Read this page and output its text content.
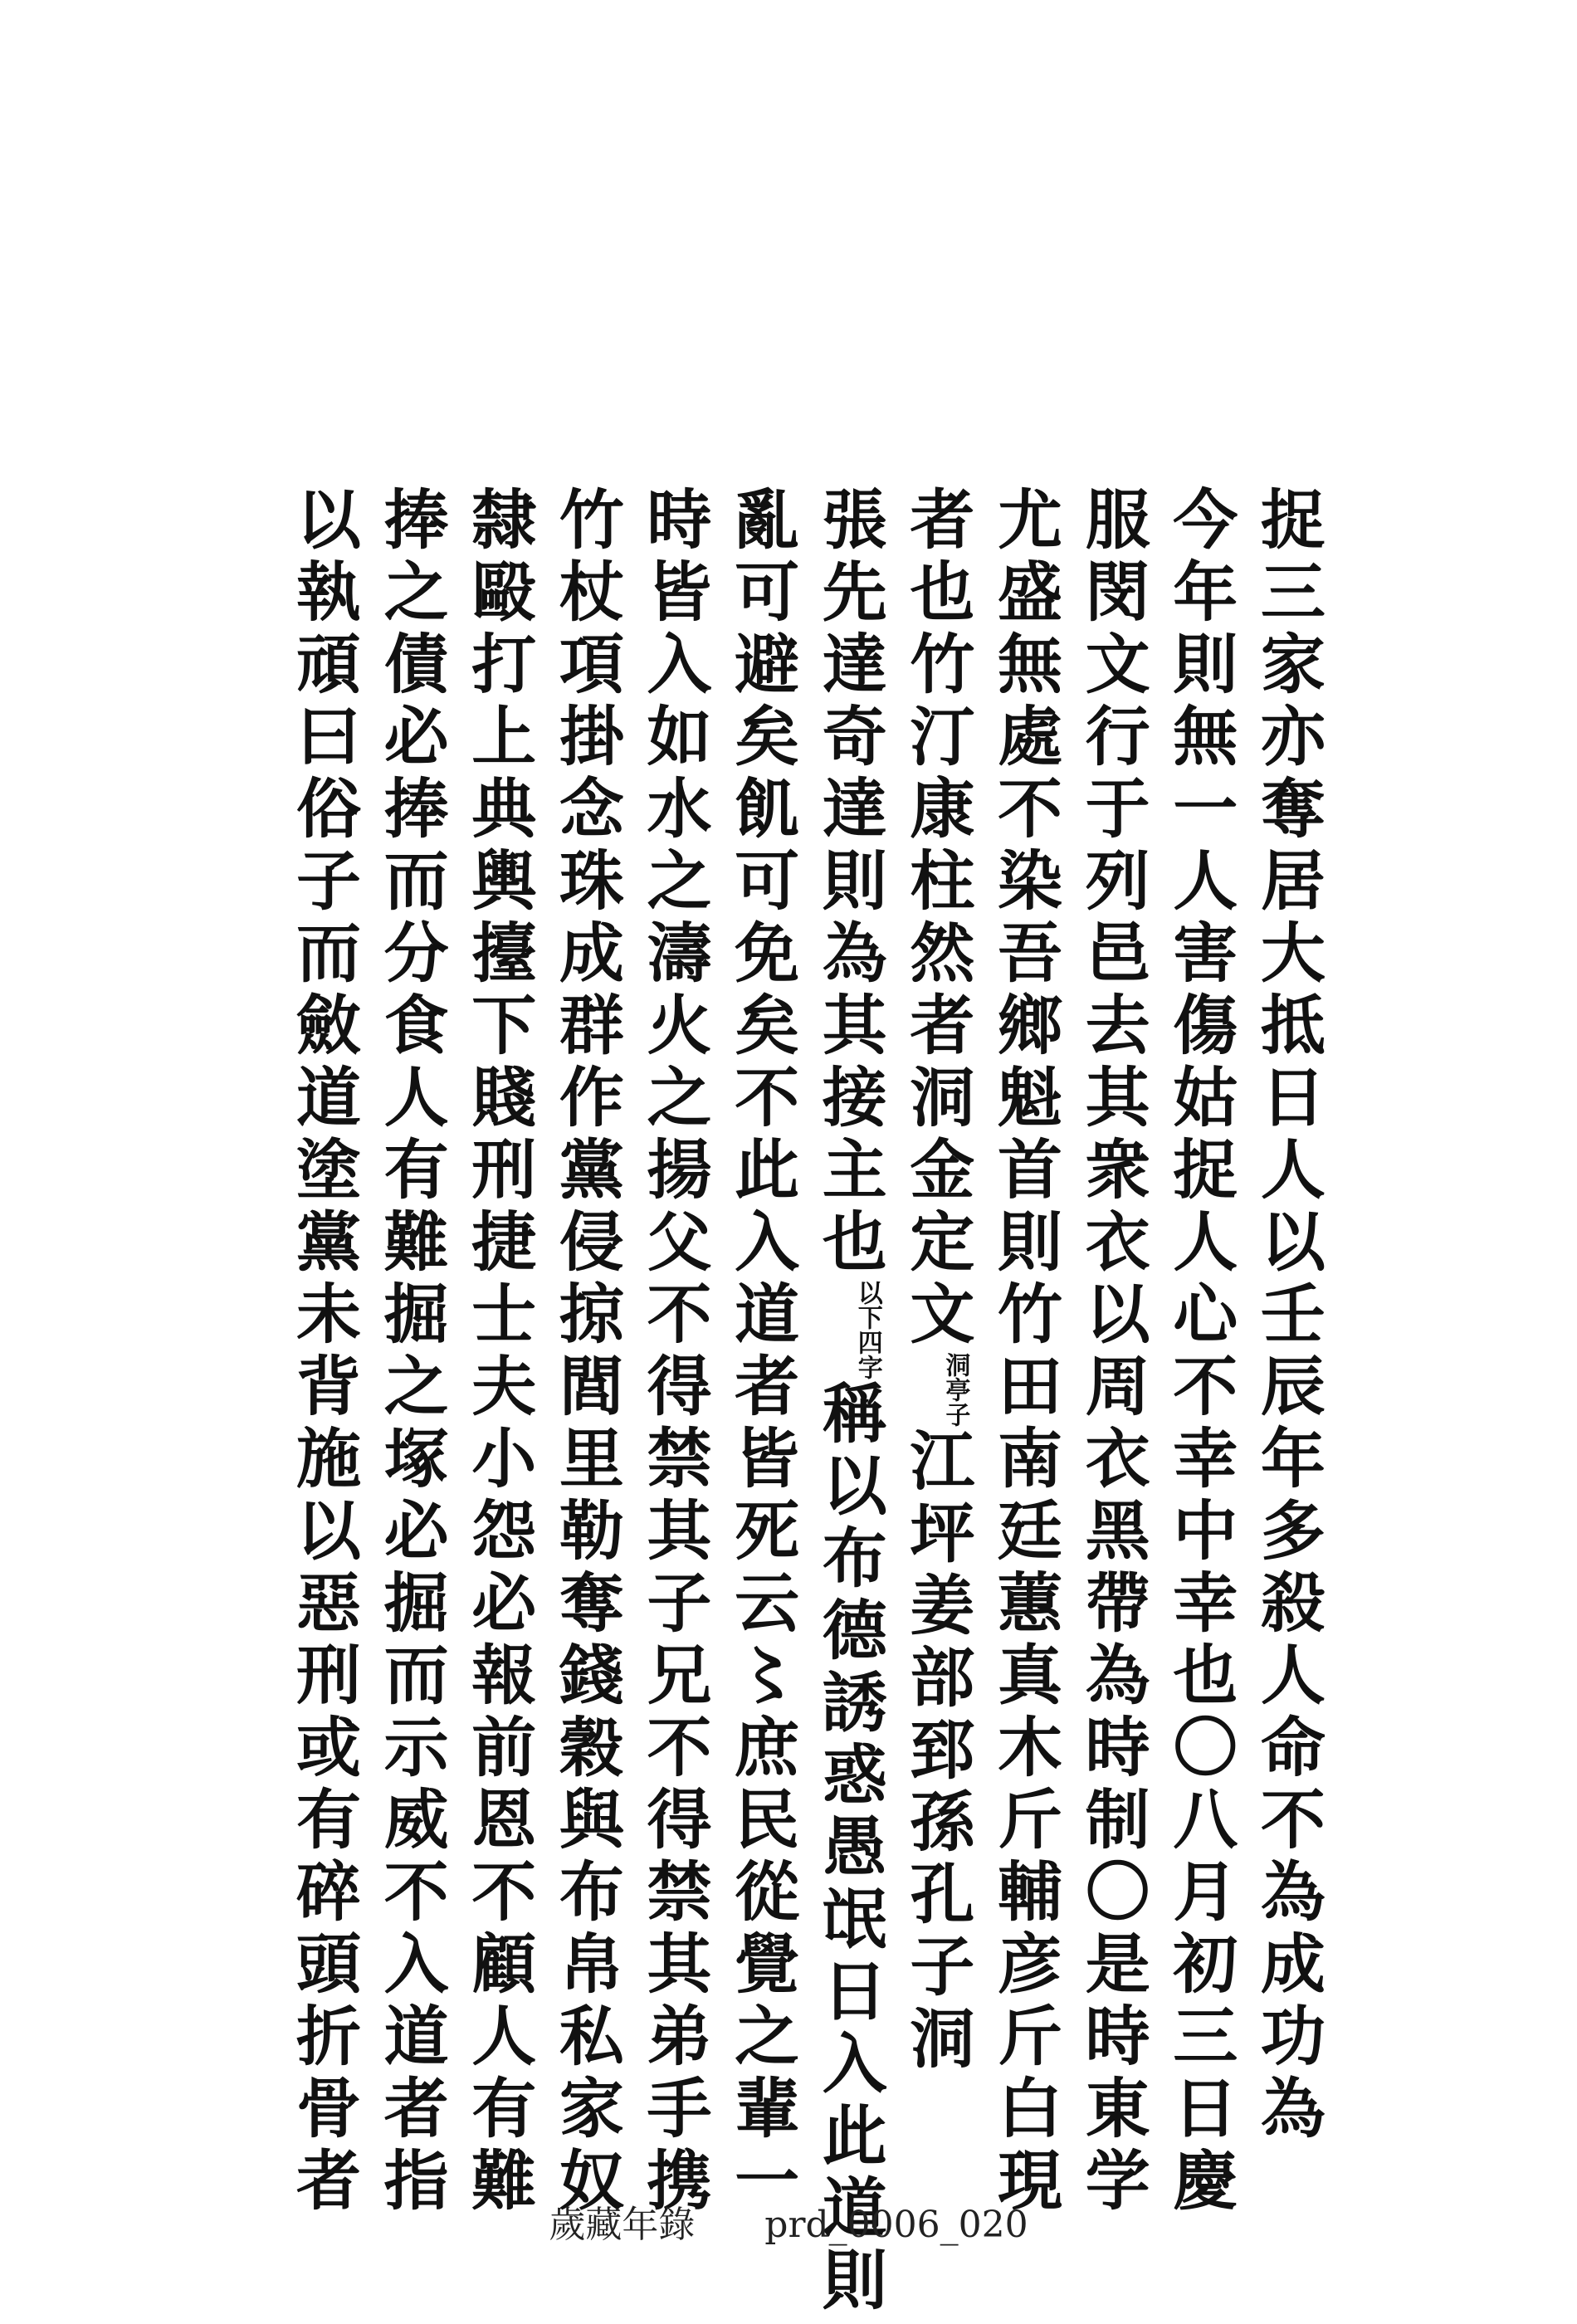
捉三家亦奪居大抵日人以壬辰年多殺人命不為成功為
今年則無一人害傷姑捉人心不幸中幸也〇八月初三日慶
服閔文行于列邑去其衆衣以周衣黑帶為時制〇是時東学
尤盛無處不染吾鄉魁首則竹田南廷蕙真木斤輔彦斤白現
者也竹汀康柱然者洞金定文$^{洞亭子}$江坪姜部郅孫孔子洞
張先達奇達則為其接主也$^{以下四字}$稱以布德誘惑愚氓日入此道則
亂可避矣飢可免矣不此入道者皆死云〻庶民從覺之輩一
時皆入如水之濤火之揚父不得禁其子兄不得禁其弟手携
竹杖項掛念珠成群作黨侵掠閭里勒奪錢穀與布帛私家奴
隸毆打上典輿擡下賤刑捷士夫小怨必報前恩不顧人有難
捧之債必捧而分食人有難掘之塚必掘而示威不入道者指
以執頑曰俗子而斂道塗黨未背施以惡刑或有碎頭折骨者
歲藏年錄 prd_0006_020
